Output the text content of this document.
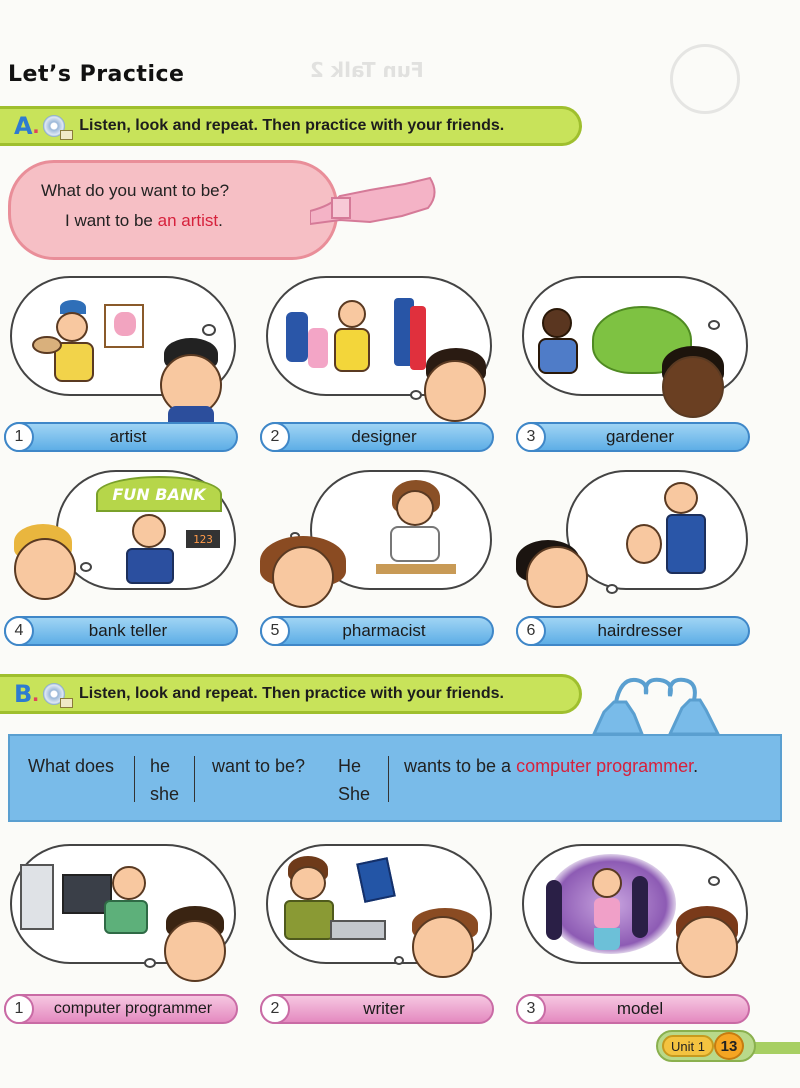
Fun Talk 2
Let’s Practice
A .	Listen, look and repeat. Then practice with your friends.
What do you want to be?
I want to be an artist.
1	artist	2	designer	3	gardener
FUN BANK
123
4	bank teller	5	pharmacist	6	hairdresser
B .	Listen, look and repeat. Then practice with your friends.
What does he
she
want to be? He
She
wants to be a computer programmer.
1	computer programmer	2	writer	3	model
Unit 1	13
